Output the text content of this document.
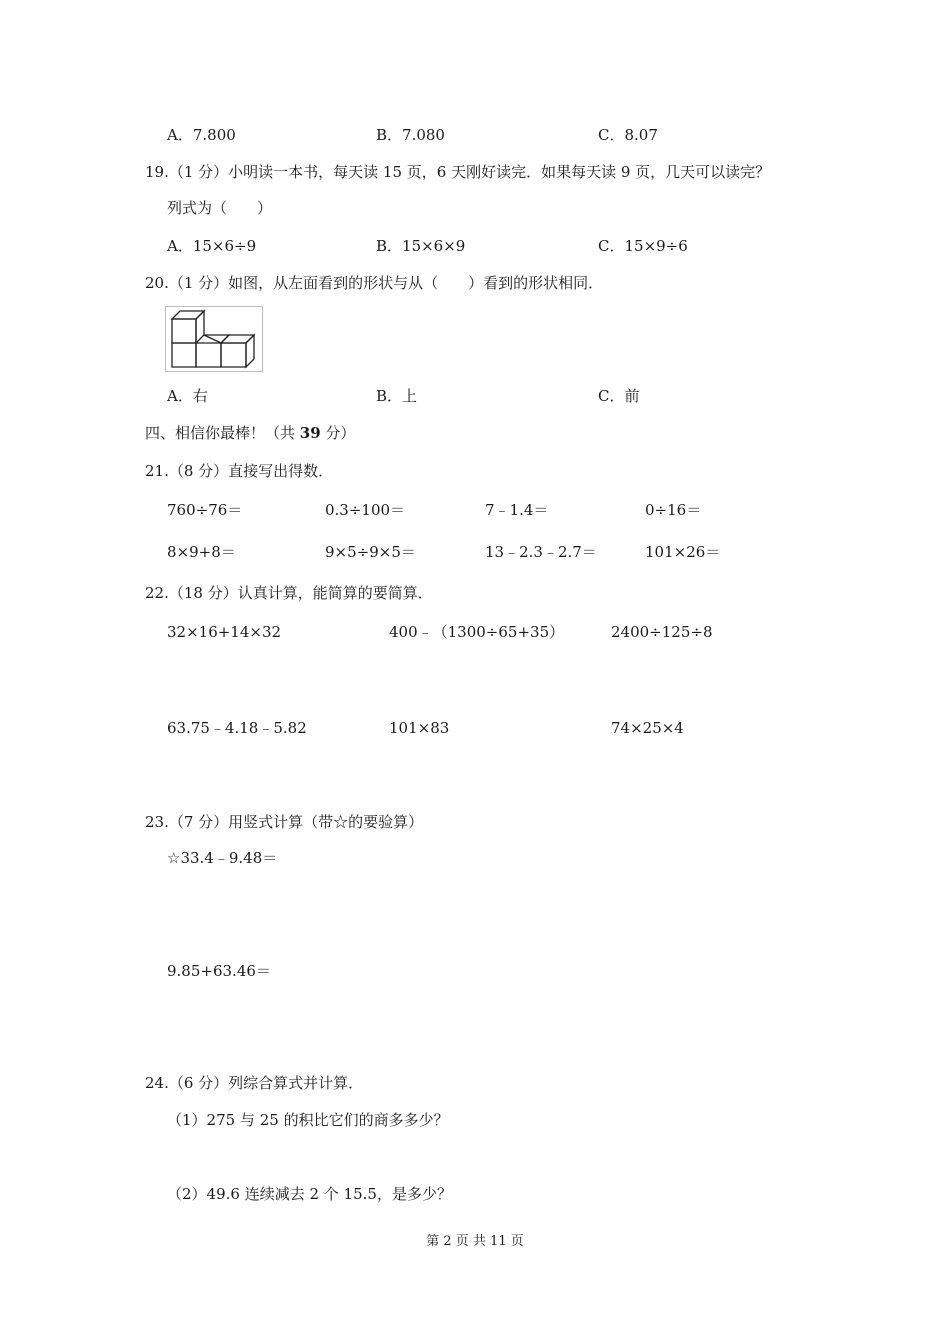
A．7.800	B．7.080	C．8.07
19.（1 分）小明读一本书，每天读 15 页，6 天刚好读完．如果每天读 9 页，几天可以读完？
列式为（　　）
A．15×6÷9	B．15×6×9	C．15×9÷6
20.（1 分）如图，从左面看到的形状与从（　　）看到的形状相同．
A．右	B．上	C．前
四、相信你最棒！（共 39 分）
21.（8 分）直接写出得数．
760÷76＝	0.3÷100＝	7﹣1.4＝	0÷16＝
8×9+8＝	9×5÷9×5＝	13﹣2.3﹣2.7＝	101×26＝
22.（18 分）认真计算，能简算的要简算．
32×16+14×32	400﹣（1300÷65+35）	2400÷125÷8
63.75﹣4.18﹣5.82	101×83	74×25×4
23.（7 分）用竖式计算（带☆的要验算）
☆33.4﹣9.48＝
9.85+63.46＝
24.（6 分）列综合算式并计算．
（1）275 与 25 的积比它们的商多多少？
（2）49.6 连续减去 2 个 15.5，是多少？
第 2 页 共 11 页
